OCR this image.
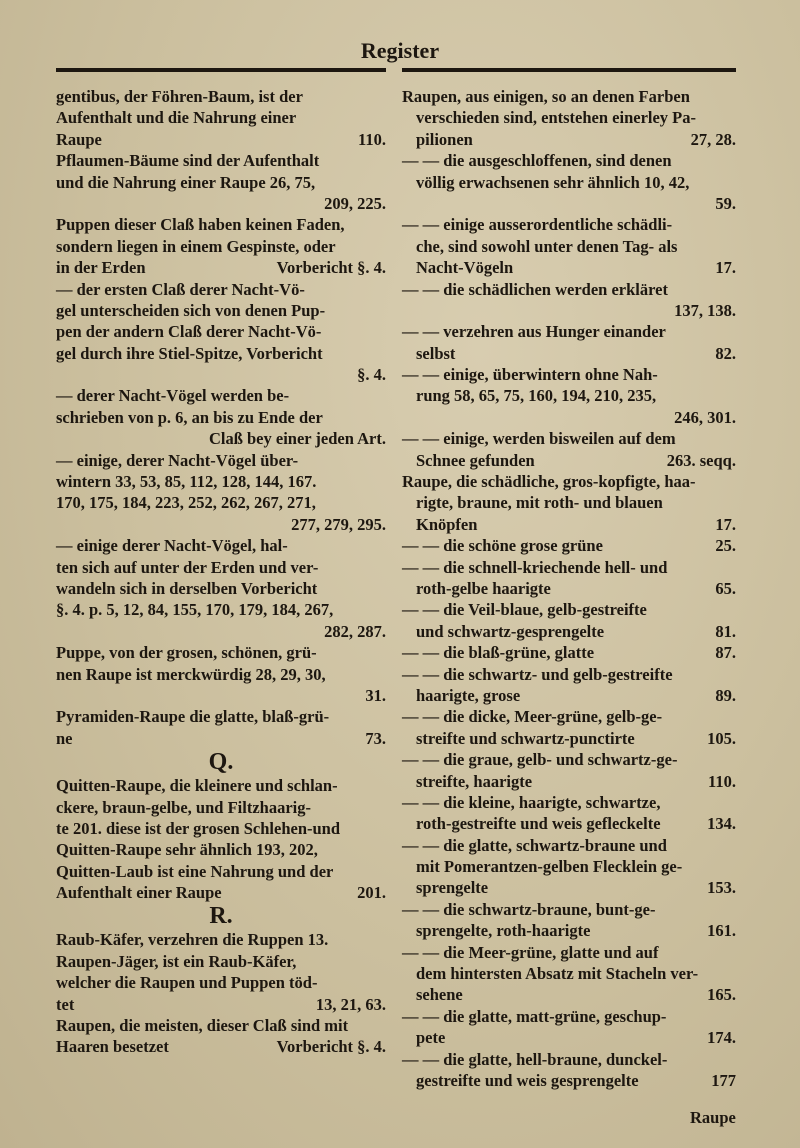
Register
gentibus, der Föhren-Baum, ist der
Aufenthalt und die Nahrung einer
Raupe	110.
Pflaumen-Bäume sind der Aufenthalt
und die Nahrung einer Raupe 26, 75,
209, 225.
Puppen dieser Claß haben keinen Faden,
sondern liegen in einem Gespinste, oder
in der Erden	Vorbericht §. 4.
— der ersten Claß derer Nacht-Vö-
gel unterscheiden sich von denen Pup-
pen der andern Claß derer Nacht-Vö-
gel durch ihre Stiel-Spitze, Vorbericht
§. 4.
— derer Nacht-Vögel werden be-
schrieben von p. 6, an bis zu Ende der
Claß bey einer jeden Art.
— einige, derer Nacht-Vögel über-
wintern 33, 53, 85, 112, 128, 144, 167.
170, 175, 184, 223, 252, 262, 267, 271,
277, 279, 295.
— einige derer Nacht-Vögel, hal-
ten sich auf unter der Erden und ver-
wandeln sich in derselben Vorbericht
§. 4. p. 5, 12, 84, 155, 170, 179, 184, 267,
282, 287.
Puppe, von der grosen, schönen, grü-
nen Raupe ist merckwürdig 28, 29, 30,
31.
Pyramiden-Raupe die glatte, blaß-grü-
ne	73.
Q.
Quitten-Raupe, die kleinere und schlan-
ckere, braun-gelbe, und Filtzhaarig-
te 201. diese ist der grosen Schlehen-und
Quitten-Raupe sehr ähnlich 193, 202,
Quitten-Laub ist eine Nahrung und der
Aufenthalt einer Raupe	201.
R.
Raub-Käfer, verzehren die Ruppen 13.
Raupen-Jäger, ist ein Raub-Käfer,
welcher die Raupen und Puppen töd-
tet	13, 21, 63.
Raupen, die meisten, dieser Claß sind mit
Haaren besetzet	Vorbericht §. 4.
Raupen, aus einigen, so an denen Farben
verschieden sind, entstehen einerley Pa-
pilionen	27, 28.
— — die ausgeschloffenen, sind denen
völlig erwachsenen sehr ähnlich 10, 42,
59.
— — einige ausserordentliche schädli-
che, sind sowohl unter denen Tag- als
Nacht-Vögeln	17.
— — die schädlichen werden erkläret
137, 138.
— — verzehren aus Hunger einander
selbst	82.
— — einige, überwintern ohne Nah-
rung 58, 65, 75, 160, 194, 210, 235,
246, 301.
— — einige, werden bisweilen auf dem
Schnee gefunden	263. seqq.
Raupe, die schädliche, gros-kopfigte, haa-
rigte, braune, mit roth- und blauen
Knöpfen	17.
— — die schöne grose grüne	25.
— — die schnell-kriechende hell- und
roth-gelbe haarigte	65.
— — die Veil-blaue, gelb-gestreifte
und schwartz-gesprengelte	81.
— — die blaß-grüne, glatte	87.
— — die schwartz- und gelb-gestreifte
haarigte, grose	89.
— — die dicke, Meer-grüne, gelb-ge-
streifte und schwartz-punctirte	105.
— — die graue, gelb- und schwartz-ge-
streifte, haarigte	110.
— — die kleine, haarigte, schwartze,
roth-gestreifte und weis gefleckelte	134.
— — die glatte, schwartz-braune und
mit Pomerantzen-gelben Flecklein ge-
sprengelte	153.
— — die schwartz-braune, bunt-ge-
sprengelte, roth-haarigte	161.
— — die Meer-grüne, glatte und auf
dem hintersten Absatz mit Stacheln ver-
sehene	165.
— — die glatte, matt-grüne, geschup-
pete	174.
— — die glatte, hell-braune, dunckel-
gestreifte und weis gesprengelte	177
Raupe
